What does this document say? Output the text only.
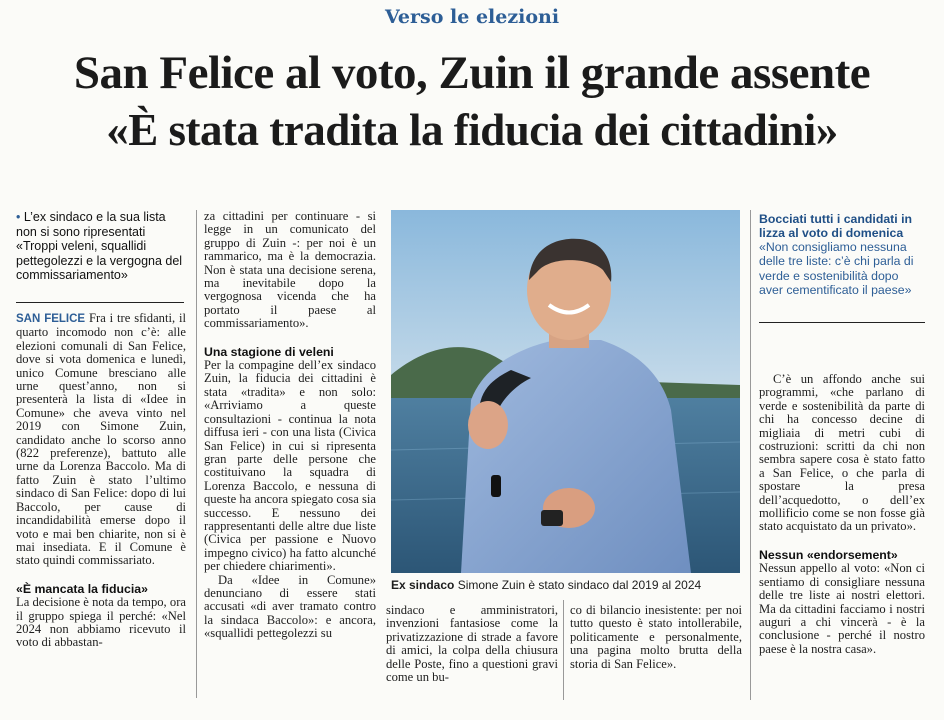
Verso le elezioni
San Felice al voto, Zuin il grande assente
«È stata tradita la fiducia dei cittadini»
• L’ex sindaco e la sua lista non si sono ripresentati «Troppi veleni, squallidi pettegolezzi e la vergogna del commissariamento»

SAN FELICE Fra i tre sfidanti, il quarto incomodo non c’è: alle elezioni comunali di San Felice, dove si vota domenica e lunedì, unico Comune bresciano alle urne quest’anno, non si presenterà la lista di «Idee in Comune» che aveva vinto nel 2019 con Simone Zuin, candidato anche lo scorso anno (822 preferenze), battuto alle urne da Lorenza Baccolo. Ma di fatto Zuin è stato l’ultimo sindaco di San Felice: dopo di lui Baccolo, per cause di incandidabilità emerse dopo il voto e mai ben chiarite, non si è mai insediata. E il Comune è stato quindi commissariato.

«È mancata la fiducia»

La decisione è nota da tempo, ora il gruppo spiega il perché: «Nel 2024 non abbiamo ricevuto il voto di abbastan-

za cittadini per continuare - si legge in un comunicato del gruppo di Zuin -: per noi è un rammarico, ma è la democrazia. Non è stata una decisione serena, ma inevitabile dopo la vergognosa vicenda che ha portato il paese al commissariamento».

Una stagione di veleni

Per la compagine dell’ex sindaco Zuin, la fiducia dei cittadini è stata «tradita» e non solo: «Arriviamo a queste consultazioni - continua la nota diffusa ieri - con una lista (Civica San Felice) in cui si ripresenta gran parte delle persone che costituivano la squadra di Lorenza Baccolo, e nessuna di queste ha ancora spiegato cosa sia successo. E nessuno dei rappresentanti delle altre due liste (Civica per passione e Nuovo impegno civico) ha fatto alcunché per chiedere chiarimenti».

Da «Idee in Comune» denunciano di essere stati accusati «di aver tramato contro la sindaca Baccolo»: e ancora, «squallidi pettegolezzi su

Ex sindaco Simone Zuin è stato sindaco dal 2019 al 2024

sindaco e amministratori, invenzioni fantasiose come la privatizzazione di strade a favore di amici, la colpa della chiusura delle Poste, fino a questioni gravi come un bu-

co di bilancio inesistente: per noi tutto questo è stato intollerabile, politicamente e personalmente, una pagina molto brutta della storia di San Felice».

Bocciati tutti i candidati in lizza al voto di domenica
«Non consigliamo nessuna delle tre liste: c’è chi parla di verde e sostenibilità dopo aver cementificato il paese»

C’è un affondo anche sui programmi, «che parlano di verde e sostenibilità da parte di chi ha concesso decine di migliaia di metri cubi di costruzioni: scritti da chi non sembra sapere cosa è stato fatto a San Felice, o che parla di spostare la presa dell’acquedotto, o dell’ex mollificio come se non fosse già stato acquistato da un privato».

Nessun «endorsement»

Nessun appello al voto: «Non ci sentiamo di consigliare nessuna delle tre liste ai nostri elettori. Ma da cittadini facciamo i nostri auguri a chi vincerà - è la conclusione - perché il nostro paese è la nostra casa».
